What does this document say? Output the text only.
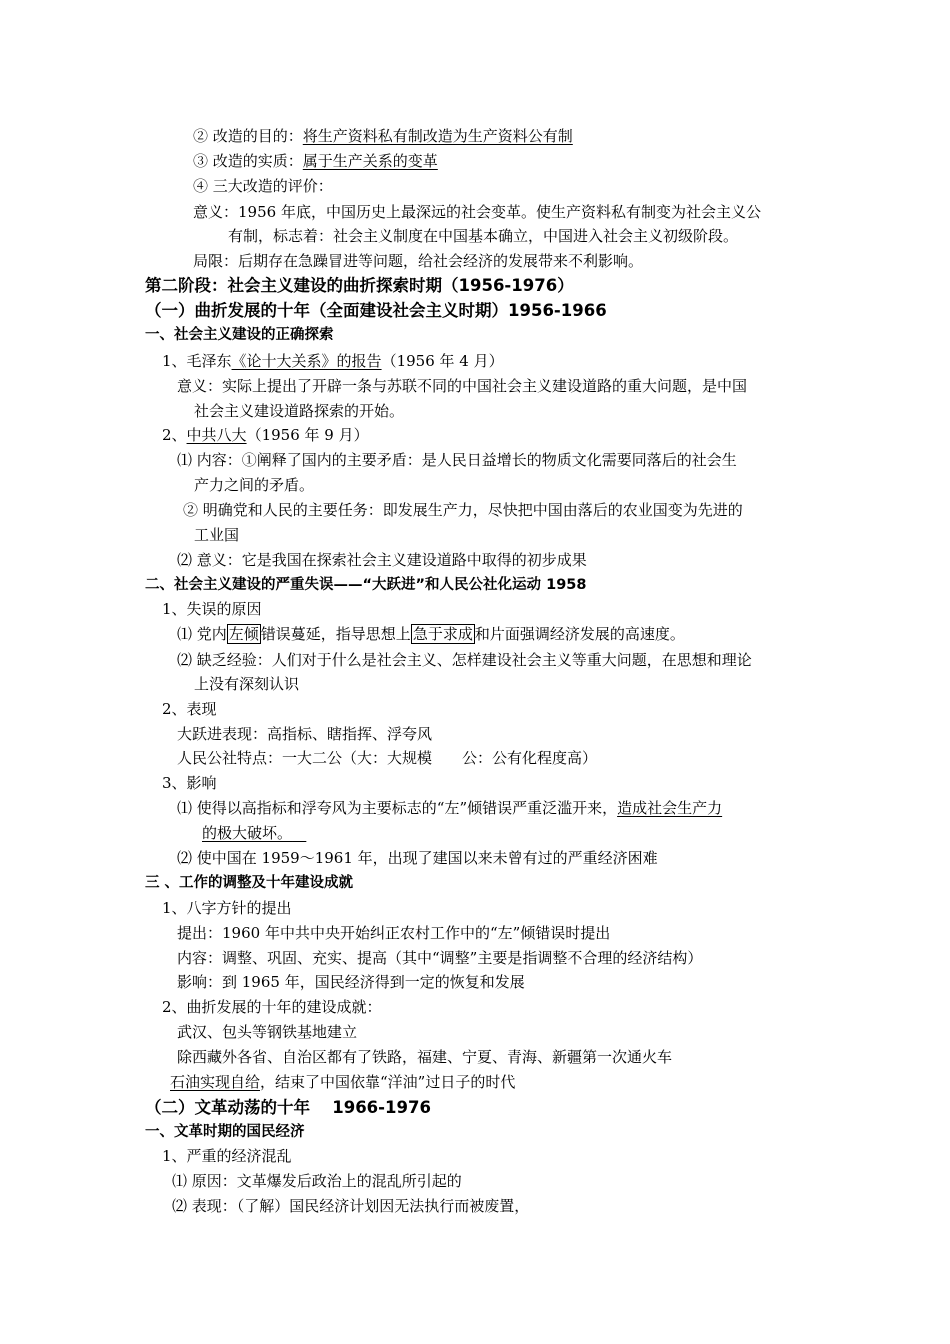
② 改造的目的：将生产资料私有制改造为生产资料公有制
③ 改造的实质：属于生产关系的变革
④ 三大改造的评价：
意义：1956 年底，中国历史上最深远的社会变革。使生产资料私有制变为社会主义公
有制，标志着：社会主义制度在中国基本确立，中国进入社会主义初级阶段。
局限：后期存在急躁冒进等问题，给社会经济的发展带来不利影响。
第二阶段：社会主义建设的曲折探索时期（1956-1976）
（一）曲折发展的十年（全面建设社会主义时期）1956-1966
一、社会主义建设的正确探索
1、毛泽东《论十大关系》的报告（1956 年 4 月）
意义：实际上提出了开辟一条与苏联不同的中国社会主义建设道路的重大问题，是中国
社会主义建设道路探索的开始。
2、中共八大（1956 年 9 月）
⑴ 内容：①阐释了国内的主要矛盾：是人民日益增长的物质文化需要同落后的社会生
产力之间的矛盾。
② 明确党和人民的主要任务：即发展生产力，尽快把中国由落后的农业国变为先进的
工业国
⑵ 意义：它是我国在探索社会主义建设道路中取得的初步成果
二、社会主义建设的严重失误——“大跃进”和人民公社化运动 1958
1、失误的原因
⑴ 党内 左倾 错误蔓延，指导思想上 急于求成 和片面强调经济发展的高速度。
⑵ 缺乏经验：人们对于什么是社会主义、怎样建设社会主义等重大问题，在思想和理论
上没有深刻认识
2、表现
大跃进表现：高指标、瞎指挥、浮夸风
人民公社特点：一大二公（大：大规模　　公：公有化程度高）
3、影响
⑴ 使得以高指标和浮夸风为主要标志的“左”倾错误严重泛滥开来，造成社会生产力
的极大破坏。
⑵ 使中国在 1959～1961 年，出现了建国以来未曾有过的严重经济困难
三 、工作的调整及十年建设成就
1、八字方针的提出
提出：1960 年中共中央开始纠正农村工作中的“左”倾错误时提出
内容：调整、巩固、充实、提高（其中“调整”主要是指调整不合理的经济结构）
影响：到 1965 年，国民经济得到一定的恢复和发展
2、曲折发展的十年的建设成就：
武汉、包头等钢铁基地建立
除西藏外各省、自治区都有了铁路，福建、宁夏、青海、新疆第一次通火车
石油实现自给，结束了中国依靠“洋油”过日子的时代
（二）文革动荡的十年　 1966-1976
一、文革时期的国民经济
1、严重的经济混乱
⑴ 原因：文革爆发后政治上的混乱所引起的
⑵ 表现：（了解）国民经济计划因无法执行而被废置，
